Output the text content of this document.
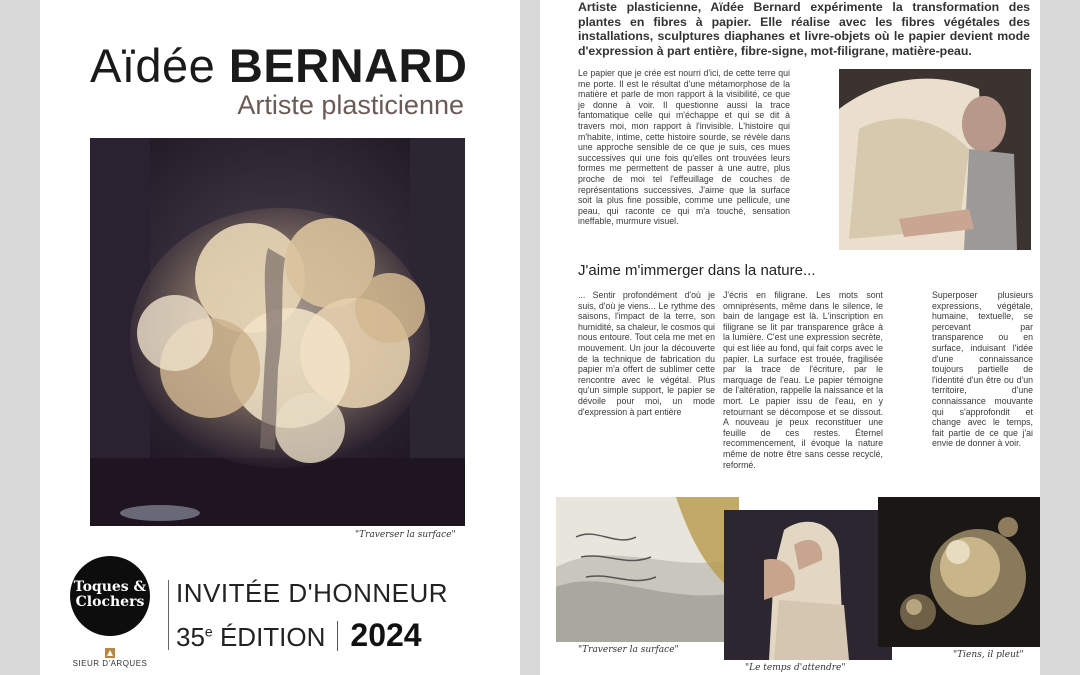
Aïdée BERNARD
Artiste plasticienne
"Traverser la surface"
Toques &
Clochers
SIEUR D'ARQUES
INVITÉE D'HONNEUR
35e ÉDITION 2024
Artiste plasticienne, Aïdée Bernard expérimente la transformation des plantes en fibres à papier. Elle réalise avec les fibres végétales des installations, sculptures diaphanes et livre-objets où le papier devient mode d'expression à part entière, fibre-signe, mot-filigrane, matière-peau.
Le papier que je crée est nourri d'ici, de cette terre qui me porte. Il est le résultat d'une métamorphose de la matière et parle de mon rapport à la visibilité, ce que je donne à voir. Il questionne aussi la trace fantomatique celle qui m'échappe et qui se dit à travers moi, mon rapport à l'invisible. L'histoire qui m'habite, intime, cette histoire sourde, se révèle dans une approche sensible de ce que je suis, ces mues successives qui une fois qu'elles ont trouvées leurs formes me permettent de passer à une autre, plus proche de moi tel l'effeuillage de couches de représentations successives. J'aime que la surface soit la plus fine possible, comme une pellicule, une peau, qui raconte ce qui m'a touché, sensation ineffable, murmure visuel.
J'aime m'immerger dans la nature...
... Sentir profondément d'où je suis, d'où je viens... Le rythme des saisons, l'impact de la terre, son humidité, sa chaleur, le cosmos qui nous entoure. Tout cela me met en mouvement. Un jour la découverte de la technique de fabrication du papier m'a offert de sublimer cette rencontre avec le végétal. Plus qu'un simple support, le papier se dévoile pour moi, un mode d'expression à part entière
J'écris en filigrane. Les mots sont omniprésents, même dans le silence, le bain de langage est là. L'inscription en filigrane se lit par transparence grâce à la lumière. C'est une expression secrète, qui est liée au fond, qui fait corps avec le papier. La surface est trouée, fragilisée par la trace de l'écriture, par le marquage de l'eau. Le papier témoigne de l'altération, rappelle la naissance et la mort. Le papier issu de l'eau, en y retournant se décompose et se dissout. A nouveau je peux reconstituer une feuille de ces restes. Éternel recommencement, il évoque la nature même de notre être sans cesse recyclé, reformé.
Superposer plusieurs expressions, végétale, humaine, textuelle, se percevant par transparence ou en surface, induisant l'idée d'une connaissance toujours partielle de l'identité d'un être ou d'un territoire, d'une connaissance mouvante qui s'approfondit et change avec le temps, fait partie de ce que j'ai envie de donner à voir.
"Traverser la surface"
"Le temps d'attendre"
"Tiens, il pleut"
